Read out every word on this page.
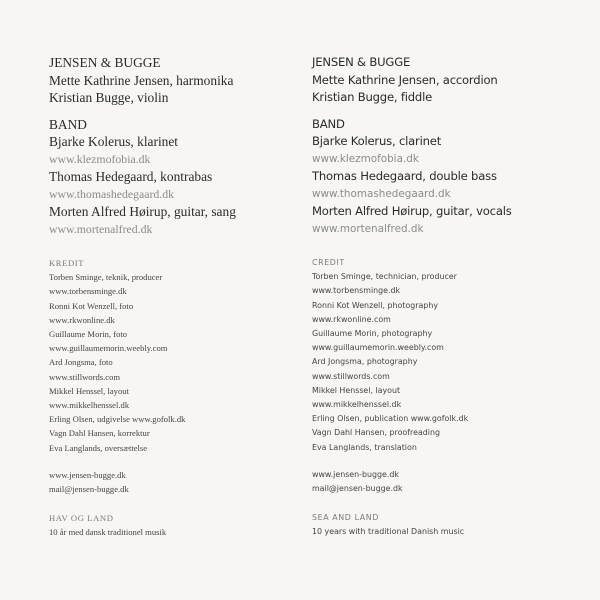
JENSEN & BUGGE
Mette Kathrine Jensen, harmonika
Kristian Bugge, violin
BAND
Bjarke Kolerus, klarinet
www.klezmofobia.dk
Thomas Hedegaard, kontrabas
www.thomashedegaard.dk
Morten Alfred Høirup, guitar, sang
www.mortenalfred.dk
KREDIT
Torben Sminge, teknik, producer
www.torbensminge.dk
Ronni Kot Wenzell, foto
www.rkwonline.dk
Guillaume Morin, foto
www.guillaumemorin.weebly.com
Ard Jongsma, foto
www.stillwords.com
Mikkel Henssel, layout
www.mikkelhenssel.dk
Erling Olsen, udgivelse www.gofolk.dk
Vagn Dahl Hansen, korrektur
Eva Langlands, oversættelse
www.jensen-bugge.dk
mail@jensen-bugge.dk
HAV OG LAND
10 år med dansk traditionel musik
JENSEN & BUGGE
Mette Kathrine Jensen, accordion
Kristian Bugge, fiddle
BAND
Bjarke Kolerus, clarinet
www.klezmofobia.dk
Thomas Hedegaard, double bass
www.thomashedegaard.dk
Morten Alfred Høirup, guitar, vocals
www.mortenalfred.dk
CREDIT
Torben Sminge, technician, producer
www.torbensminge.dk
Ronni Kot Wenzell, photography
www.rkwonline.com
Guillaume Morin, photography
www.guillaumemorin.weebly.com
Ard Jongsma, photography
www.stillwords.com
Mikkel Henssel, layout
www.mikkelhenssel.dk
Erling Olsen, publication www.gofolk.dk
Vagn Dahl Hansen, proofreading
Eva Langlands, translation
www.jensen-bugge.dk
mail@jensen-bugge.dk
SEA AND LAND
10 years with traditional Danish music
